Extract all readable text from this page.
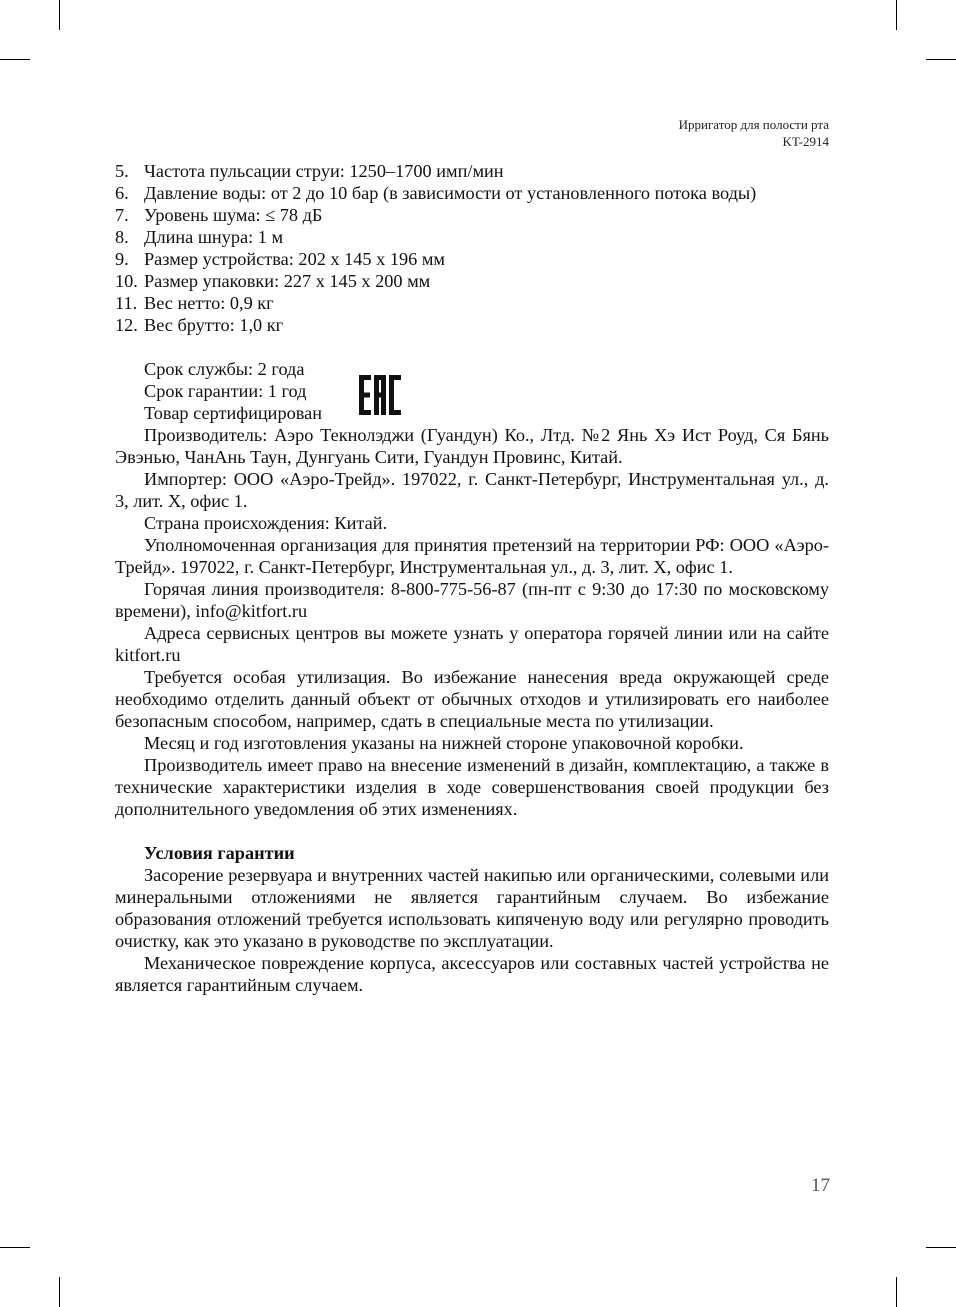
Ирригатор для полости рта
KT-2914
5. Частота пульсации струи: 1250–1700 имп/мин
6. Давление воды: от 2 до 10 бар (в зависимости от установленного потока воды)
7. Уровень шума: ≤ 78 дБ
8. Длина шнура: 1 м
9. Размер устройства: 202 x 145 x 196 мм
10. Размер упаковки: 227 x 145 x 200 мм
11. Вес нетто: 0,9 кг
12. Вес брутто: 1,0 кг
Срок службы: 2 года
Срок гарантии: 1 год
Товар сертифицирован

Производитель: Аэро Текнолэджи (Гуандун) Ко., Лтд. №2 Янь Хэ Ист Роуд, Ся Бянь Эвэнью, ЧанАнь Таун, Дунгуань Сити, Гуандун Провинс, Китай.

Импортер: ООО «Аэро-Трейд». 197022, г. Санкт-Петербург, Инструментальная ул., д. 3, лит. Х, офис 1.

Страна происхождения: Китай.

Уполномоченная организация для принятия претензий на территории РФ: ООО «Аэро-Трейд». 197022, г. Санкт-Петербург, Инструментальная ул., д. 3, лит. Х, офис 1.

Горячая линия производителя: 8-800-775-56-87 (пн-пт с 9:30 до 17:30 по московскому времени), info@kitfort.ru

Адреса сервисных центров вы можете узнать у оператора горячей линии или на сайте kitfort.ru

Требуется особая утилизация. Во избежание нанесения вреда окружающей среде необходимо отделить данный объект от обычных отходов и утилизировать его наиболее безопасным способом, например, сдать в специальные места по утилизации.

Месяц и год изготовления указаны на нижней стороне упаковочной коробки.

Производитель имеет право на внесение изменений в дизайн, комплектацию, а также в технические характеристики изделия в ходе совершенствования своей продукции без дополнительного уведомления об этих изменениях.

Условия гарантии

Засорение резервуара и внутренних частей накипью или органическими, солевыми или минеральными отложениями не является гарантийным случаем. Во избежание образования отложений требуется использовать кипяченую воду или регулярно проводить очистку, как это указано в руководстве по эксплуатации.

Механическое повреждение корпуса, аксессуаров или составных частей устройства не является гарантийным случаем.

17
